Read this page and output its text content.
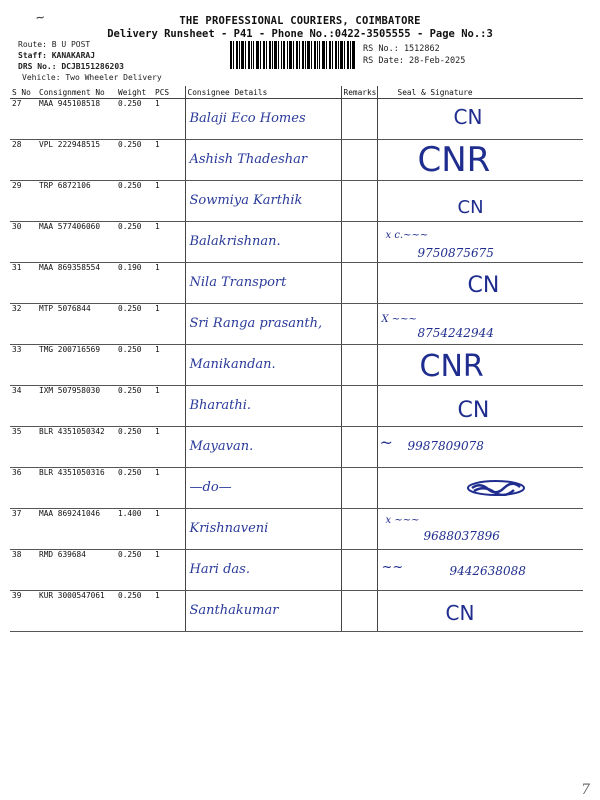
~	THE PROFESSIONAL COURIERS, COIMBATORE
Delivery Runsheet - P41 - Phone No.:0422-3505555 - Page No.:3
Route: B U POST
Staff: KANAKARAJ
DRS No.: DCJB151286203
Vehicle: Two Wheeler Delivery
RS No.: 1512862
RS Date: 28-Feb-2025
S No	Consignment No	Weight	PCS	Consignee Details	Remarks	Seal & Signature
27	MAA 945108518	0.250	1	Balaji Eco Homes		CN

28	VPL 222948515	0.250	1	Ashish Thadeshar		CNR

29	TRP 6872106	0.250	1	Sowmiya Karthik		CN

30	MAA 577406060	0.250	1	Balakrishnan.		x c.~~~
9750875675

31	MAA 869358554	0.190	1	Nila Transport		CN

32	MTP 5076844	0.250	1	Sri Ranga prasanth,		X ~~~
8754242944

33	TMG 200716569	0.250	1	Manikandan.		CNR

34	IXM 507958030	0.250	1	Bharathi.		CN

35	BLR 4351050342	0.250	1	Mayavan.		~ 9987809078

36	BLR 4351050316	0.250	1	—do—

37	MAA 869241046	1.400	1	Krishnaveni		x ~~~
9688037896

38	RMD 639684	0.250	1	Hari das.		~~ 9442638088

39	KUR 3000547061	0.250	1	Santhakumar		CN
7
